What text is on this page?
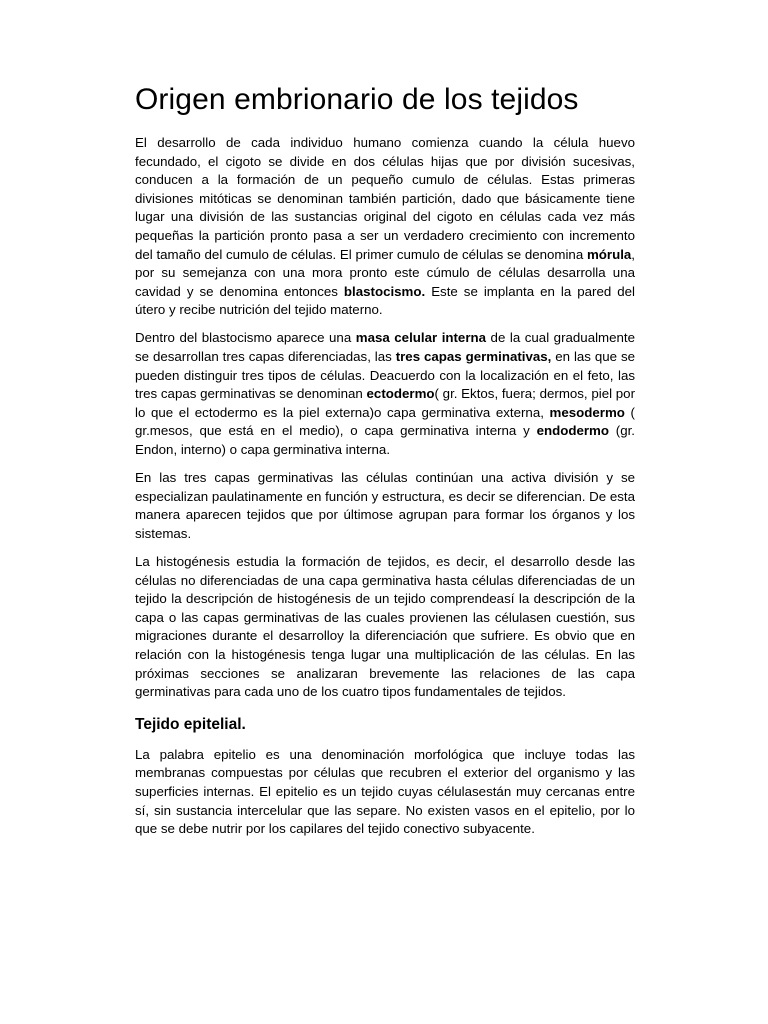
Origen embrionario de los tejidos

El desarrollo de cada individuo humano comienza cuando la célula huevo fecundado, el cigoto se divide en dos células hijas que por división sucesivas, conducen a la formación de un pequeño cumulo de células. Estas primeras divisiones mitóticas se denominan también partición, dado que básicamente tiene lugar una división de las sustancias original del cigoto en células cada vez más pequeñas la partición pronto pasa a ser un verdadero crecimiento con incremento del tamaño del cumulo de células. El primer cumulo de células se denomina mórula, por su semejanza con una mora pronto este cúmulo de células desarrolla una cavidad y se denomina entonces blastocismo. Este se implanta en la pared del útero y recibe nutrición del tejido materno.

Dentro del blastocismo aparece una masa celular interna de la cual gradualmente se desarrollan tres capas diferenciadas, las tres capas germinativas, en las que se pueden distinguir tres tipos de células. Deacuerdo con la localización en el feto, las tres capas germinativas se denominan ectodermo( gr. Ektos, fuera; dermos, piel por lo que el ectodermo es la piel externa)o capa germinativa externa, mesodermo ( gr.mesos, que está en el medio), o capa germinativa interna y endodermo (gr. Endon, interno) o capa germinativa interna.

En las tres capas germinativas las células continúan una activa división y se especializan paulatinamente en función y estructura, es decir se diferencian. De esta manera aparecen tejidos que por últimose agrupan para formar los órganos y los sistemas.

La histogénesis estudia la formación de tejidos, es decir, el desarrollo desde las células no diferenciadas de una capa germinativa hasta células diferenciadas de un tejido la descripción de histogénesis de un tejido comprendeasí la descripción de la capa o las capas germinativas de las cuales provienen las célulasen cuestión, sus migraciones durante el desarrolloy la diferenciación que sufriere. Es obvio que en relación con la histogénesis tenga lugar una multiplicación de las células. En las próximas secciones se analizaran brevemente las relaciones de las capa germinativas para cada uno de los cuatro tipos fundamentales de tejidos.

Tejido epitelial.

La palabra epitelio es una denominación morfológica que incluye todas las membranas compuestas por células que recubren el exterior del organismo y las superficies internas. El epitelio es un tejido cuyas célulasestán muy cercanas entre sí, sin sustancia intercelular que las separe. No existen vasos en el epitelio, por lo que se debe nutrir por los capilares del tejido conectivo subyacente.
